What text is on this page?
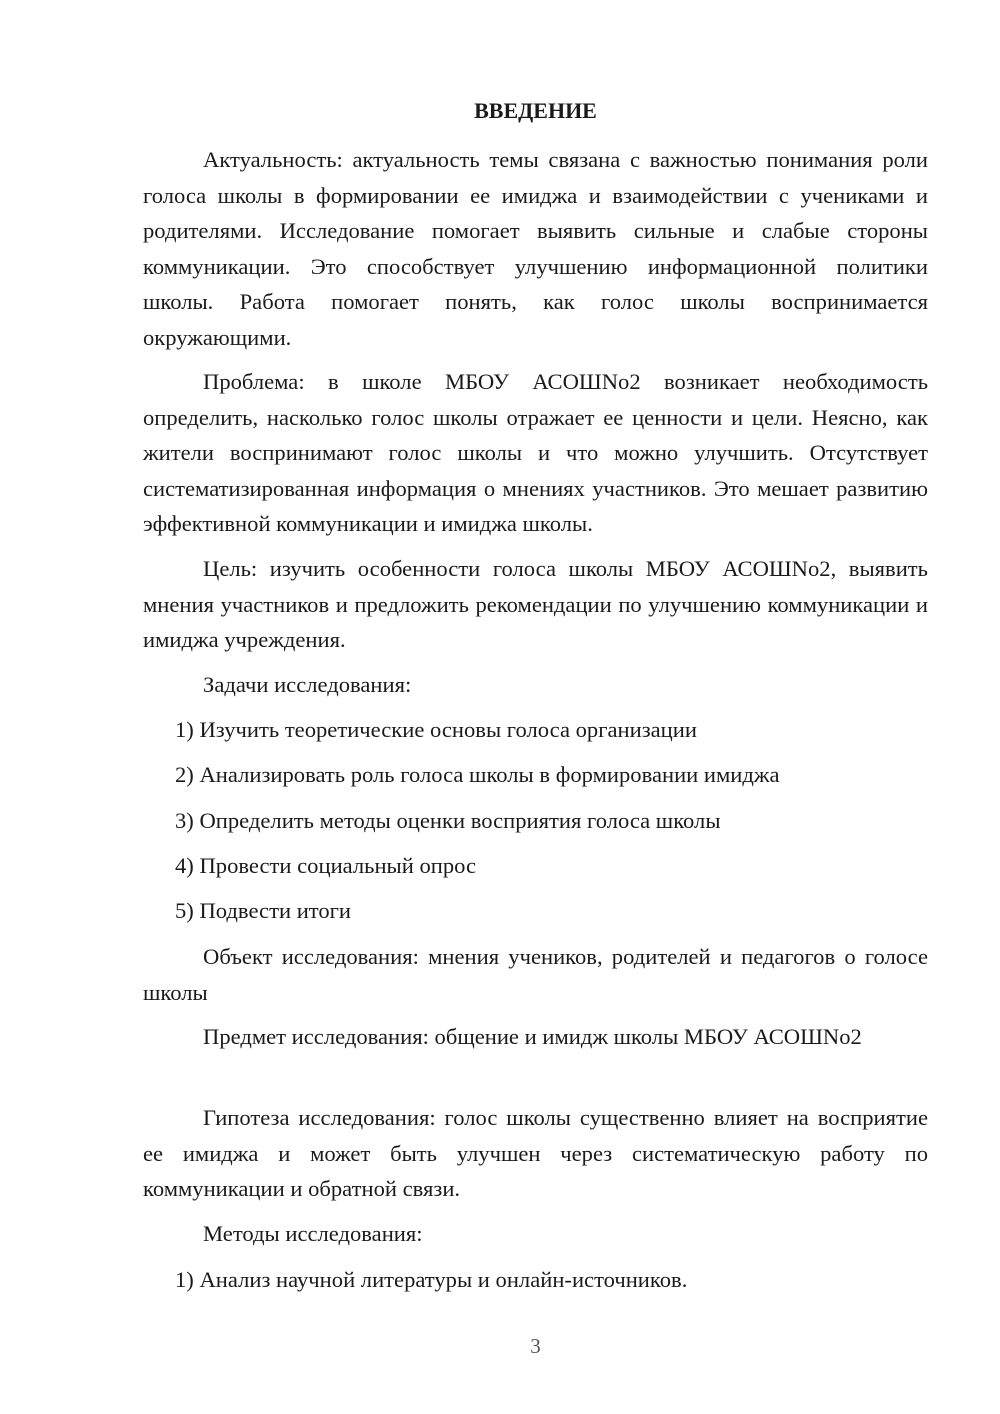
ВВЕДЕНИЕ

Актуальность: актуальность темы связана с важностью понимания роли голоса школы в формировании ее имиджа и взаимодействии с учениками и родителями. Исследование помогает выявить сильные и слабые стороны коммуникации. Это способствует улучшению информационной политики школы. Работа помогает понять, как голос школы воспринимается окружающими.

Проблема: в школе МБОУ АСОШNo2 возникает необходимость определить, насколько голос школы отражает ее ценности и цели. Неясно, как жители воспринимают голос школы и что можно улучшить. Отсутствует систематизированная информация о мнениях участников. Это мешает развитию эффективной коммуникации и имиджа школы.

Цель: изучить особенности голоса школы МБОУ АСОШNo2, выявить мнения участников и предложить рекомендации по улучшению коммуникации и имиджа учреждения.

Задачи исследования:

1) Изучить теоретические основы голоса организации

2) Анализировать роль голоса школы в формировании имиджа

3) Определить методы оценки восприятия голоса школы

4) Провести социальный опрос

5) Подвести итоги

Объект исследования: мнения учеников, родителей и педагогов о голосе школы

Предмет исследования: общение и имидж школы МБОУ АСОШNo2

Гипотеза исследования: голос школы существенно влияет на восприятие ее имиджа и может быть улучшен через систематическую работу по коммуникации и обратной связи.

Методы исследования:

1) Анализ научной литературы и онлайн-источников.

3
